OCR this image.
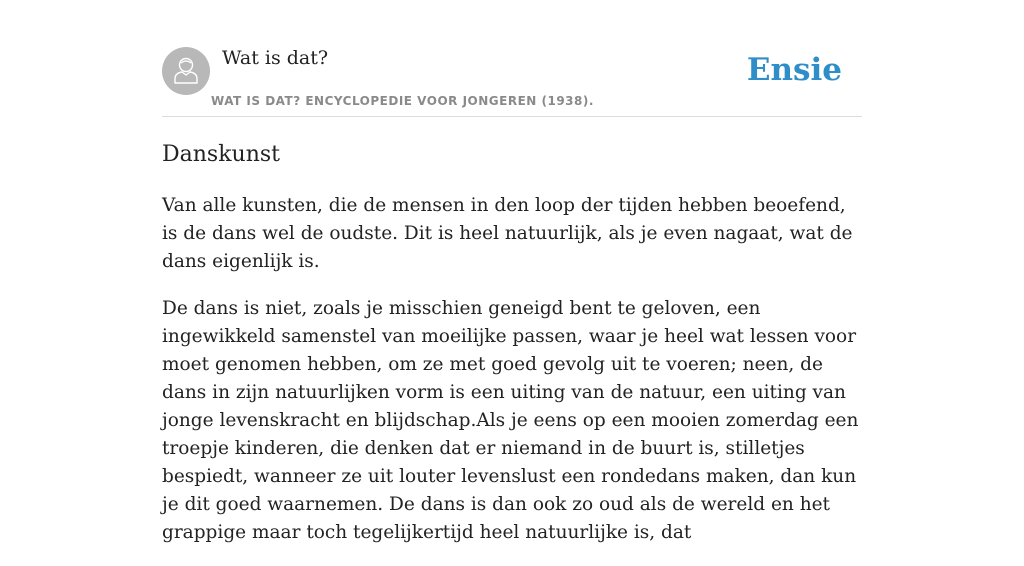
Wat is dat?
WAT IS DAT? ENCYCLOPEDIE VOOR JONGEREN (1938).
Ensie
Danskunst

Van alle kunsten, die de mensen in den loop der tijden hebben beoefend, is de dans wel de oudste. Dit is heel natuurlijk, als je even nagaat, wat de dans eigenlijk is.

De dans is niet, zoals je misschien geneigd bent te geloven, een ingewikkeld samenstel van moeilijke passen, waar je heel wat lessen voor moet genomen hebben, om ze met goed gevolg uit te voeren; neen, de dans in zijn natuurlijken vorm is een uiting van de natuur, een uiting van jonge levenskracht en blijdschap.Als je eens op een mooien zomerdag een troepje kinderen, die denken dat er niemand in de buurt is, stilletjes bespiedt, wanneer ze uit louter levenslust een rondedans maken, dan kun je dit goed waarnemen. De dans is dan ook zo oud als de wereld en het grappige maar toch tegelijkertijd heel natuurlijke is, dat
